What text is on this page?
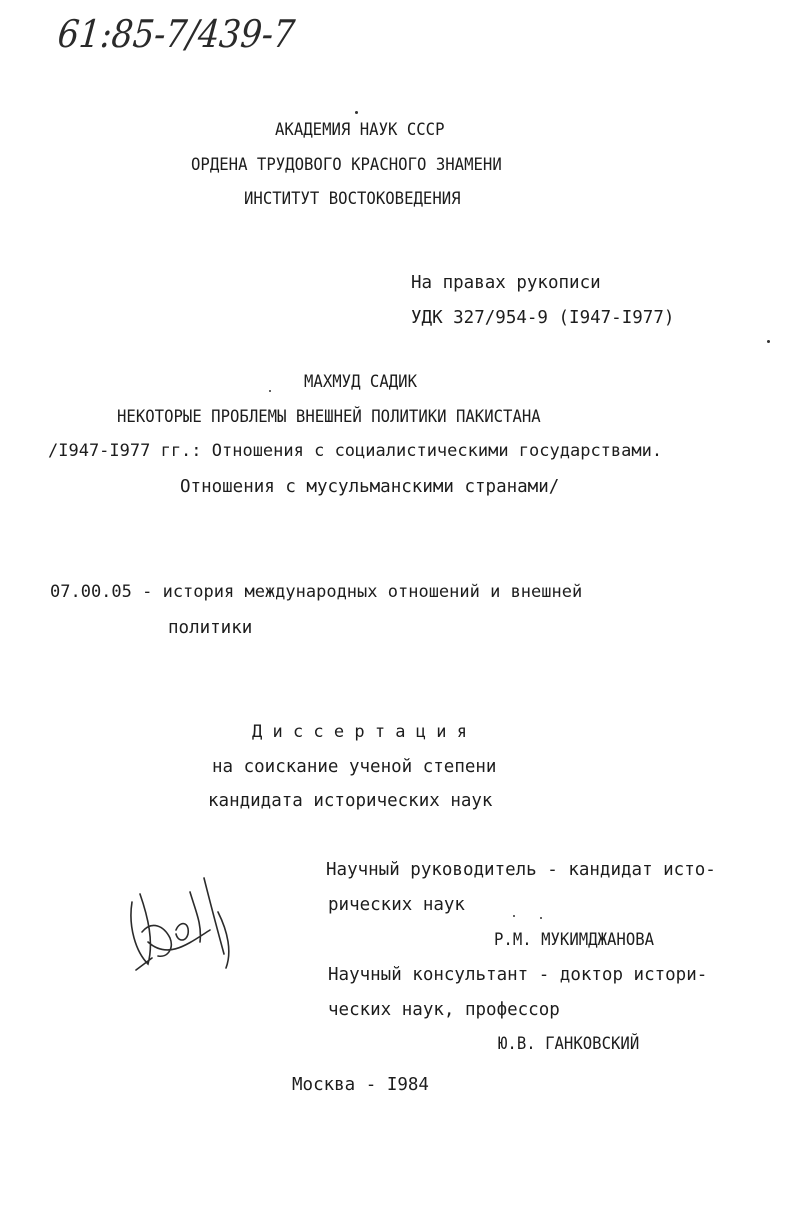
61:85-7/439-7
АКАДЕМИЯ НАУК СССР
ОРДЕНА ТРУДОВОГО КРАСНОГО ЗНАМЕНИ
ИНСТИТУТ ВОСТОКОВЕДЕНИЯ
На правах рукописи
УДК 327/954-9 (I947-I977)
МАХМУД САДИК
НЕКОТОРЫЕ ПРОБЛЕМЫ ВНЕШНЕЙ ПОЛИТИКИ ПАКИСТАНА
/I947-I977 гг.: Отношения с социалистическими государствами.
Отношения с мусульманскими странами/
07.00.05 - история международных отношений и внешней
политики
Д и с с е р т а ц и я
на соискание ученой степени
кандидата исторических наук
Научный руководитель - кандидат исто-
рических наук
Р.М. МУКИМДЖАНОВА
Научный консультант - доктор истори-
ческих наук, профессор
Ю.В. ГАНКОВСКИЙ
Москва - I984
